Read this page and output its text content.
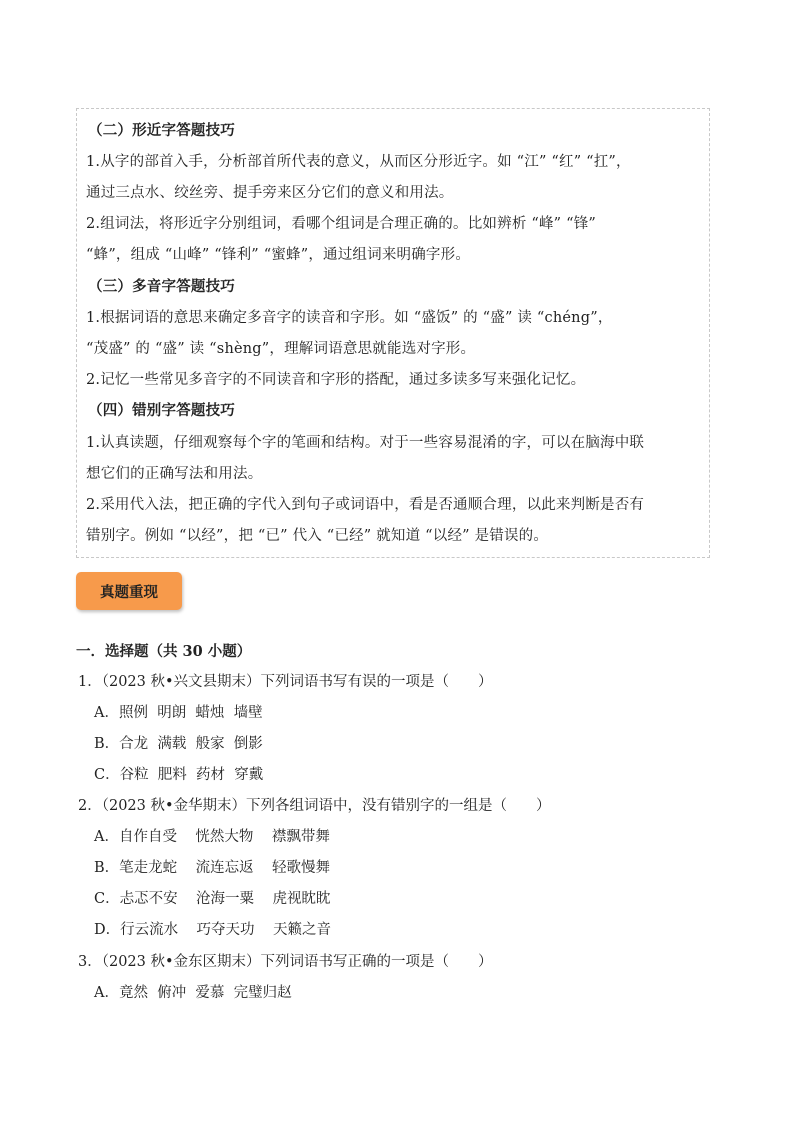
（二）形近字答题技巧
1.从字的部首入手，分析部首所代表的意义，从而区分形近字。如 “江” “红” “扛”，
通过三点水、绞丝旁、提手旁来区分它们的意义和用法。
2.组词法，将形近字分别组词，看哪个组词是合理正确的。比如辨析 “峰” “锋”
“蜂”，组成 “山峰” “锋利” “蜜蜂”，通过组词来明确字形。
（三）多音字答题技巧
1.根据词语的意思来确定多音字的读音和字形。如 “盛饭” 的 “盛” 读 “chéng”，
“茂盛” 的 “盛” 读 “shèng”，理解词语意思就能选对字形。
2.记忆一些常见多音字的不同读音和字形的搭配，通过多读多写来强化记忆。
（四）错别字答题技巧
1.认真读题，仔细观察每个字的笔画和结构。对于一些容易混淆的字，可以在脑海中联
想它们的正确写法和用法。
2.采用代入法，把正确的字代入到句子或词语中，看是否通顺合理，以此来判断是否有
错别字。例如 “以经”，把 “已” 代入 “已经” 就知道 “以经” 是错误的。
真题重现
一．选择题（共 30 小题）
1．（2023 秋•兴文县期末）下列词语书写有误的一项是（　　）
A．照例  明朗  蜡烛  墙壁
B．合龙  满载  般家  倒影
C．谷粒  肥料  药材  穿戴
2．（2023 秋•金华期末）下列各组词语中，没有错别字的一组是（　　）
A．自作自受    恍然大物    襟飘带舞
B．笔走龙蛇    流连忘返    轻歌慢舞
C．忐忑不安    沧海一粟    虎视眈眈
D．行云流水    巧夺天功    天籁之音
3．（2023 秋•金东区期末）下列词语书写正确的一项是（　　）
A．竟然  俯冲  爱慕  完璧归赵
